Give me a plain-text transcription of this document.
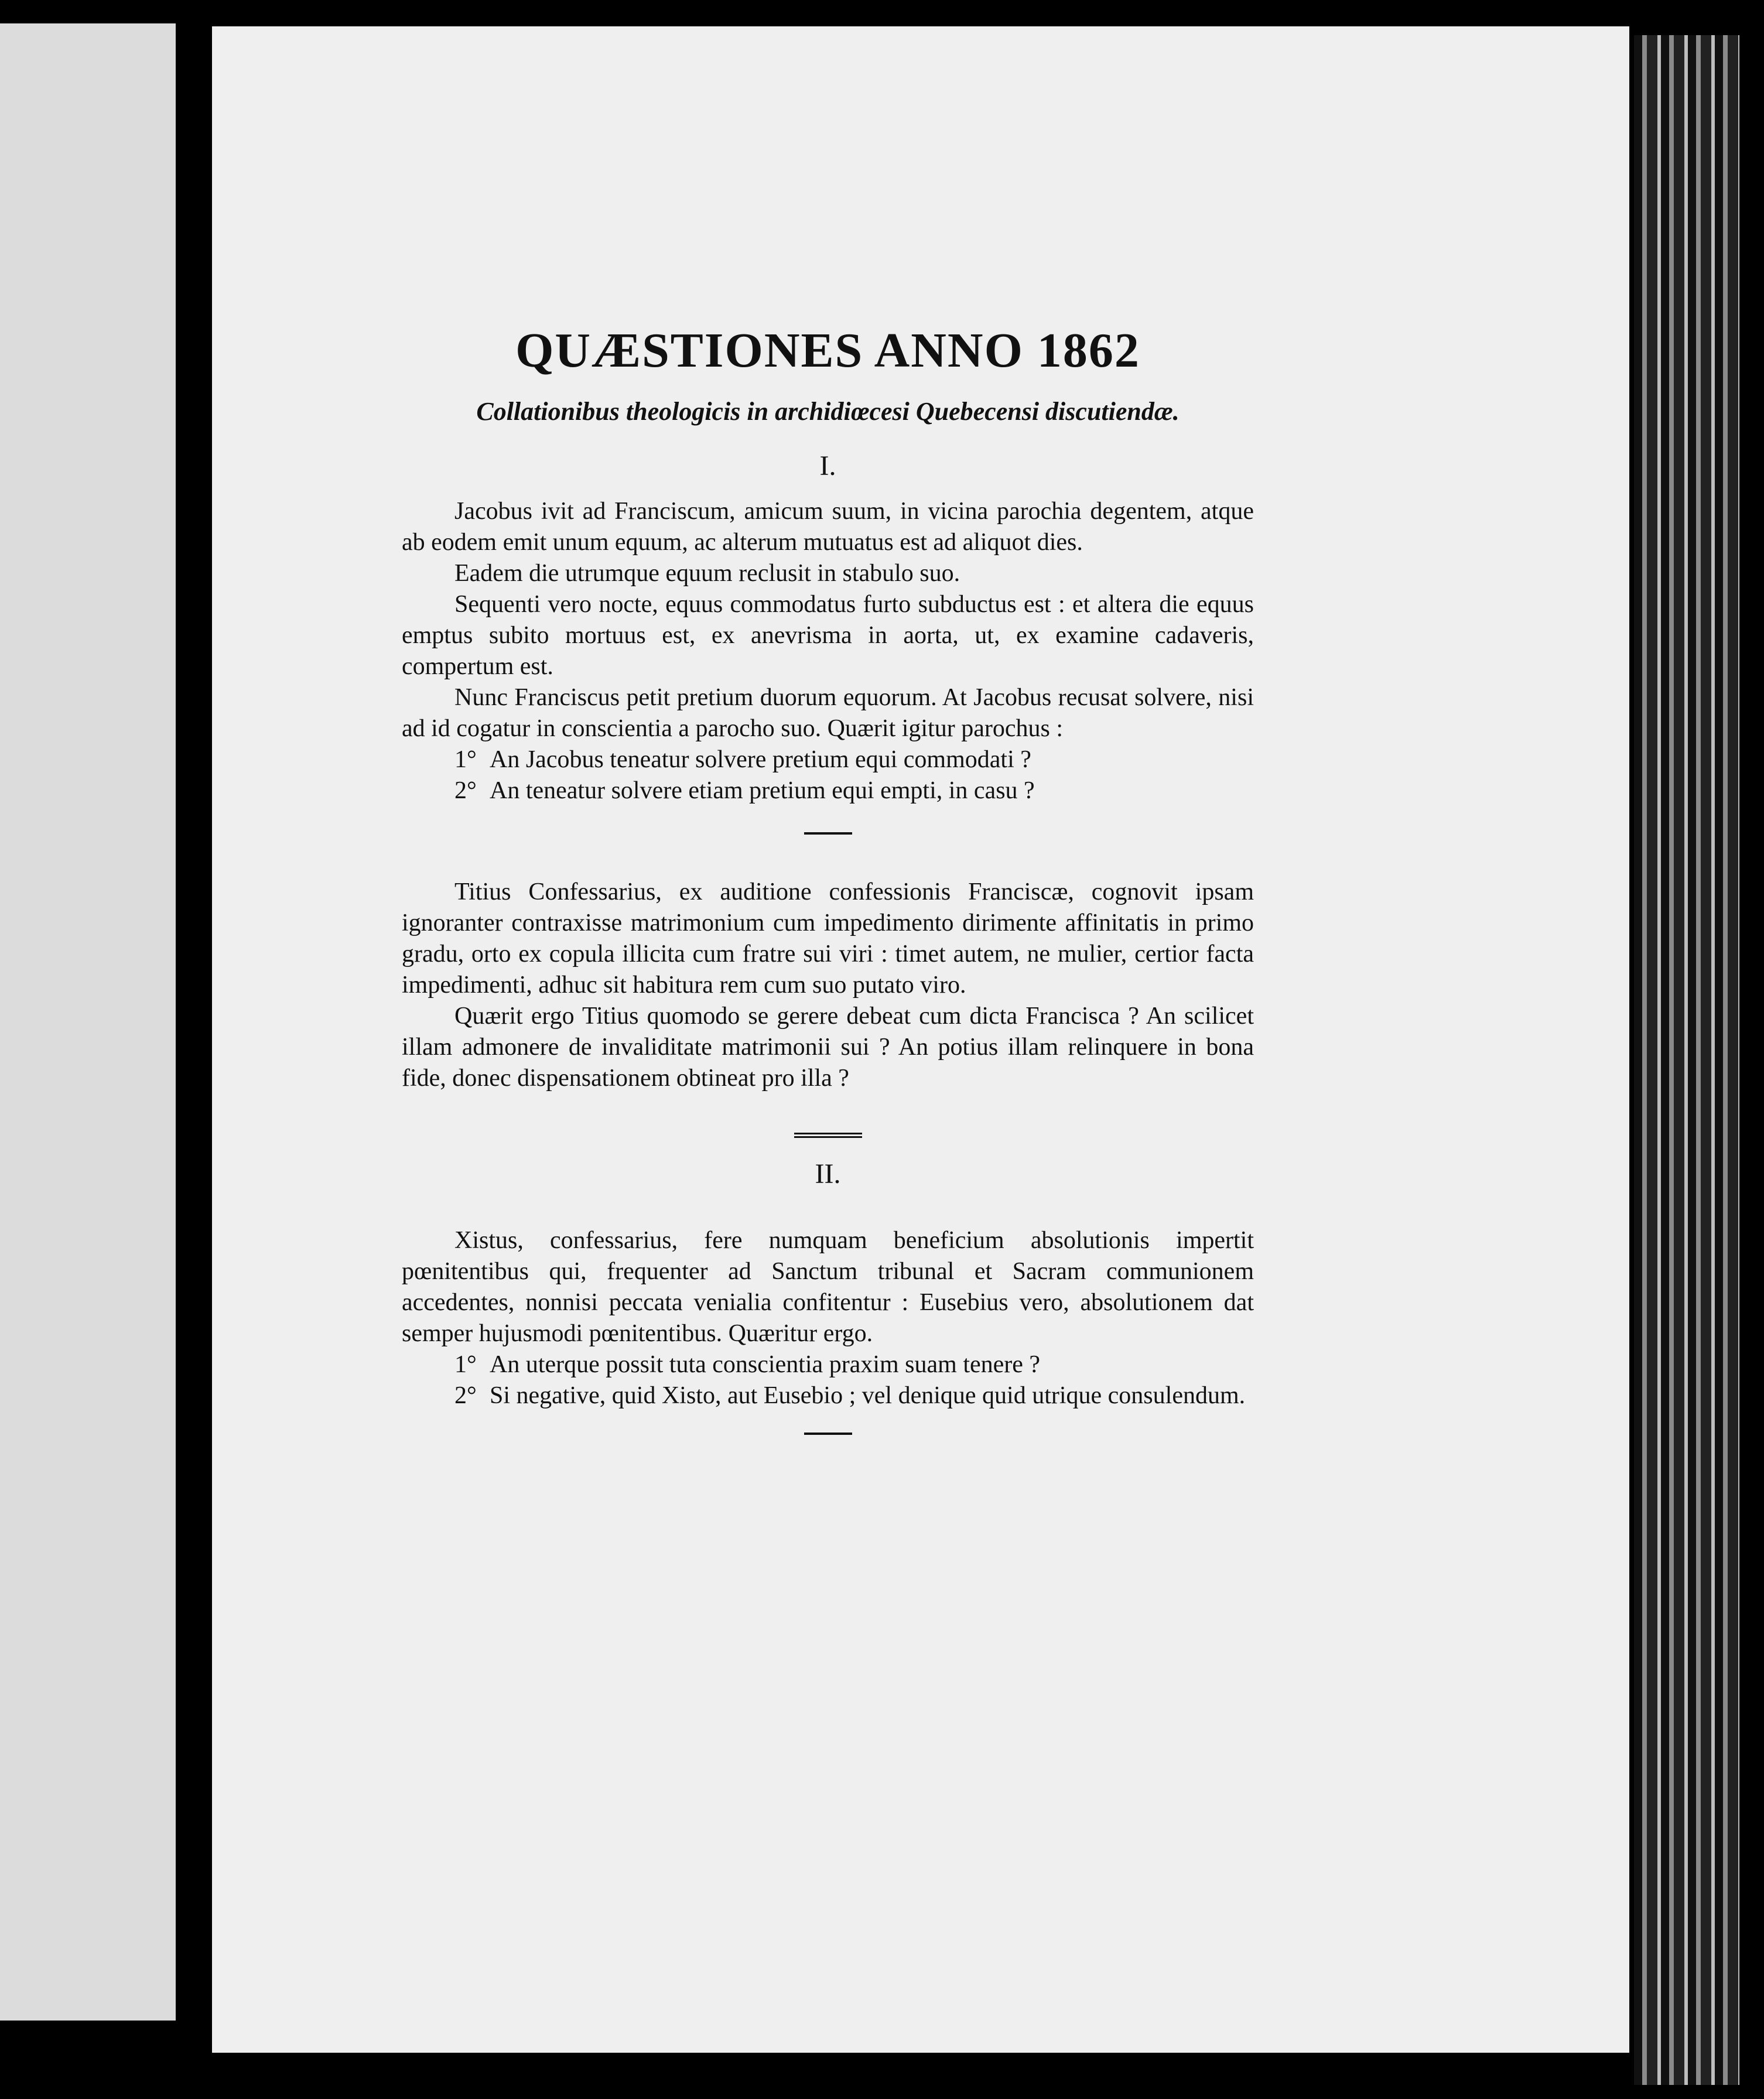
QUÆSTIONES ANNO 1862
Collationibus theologicis in archidiœcesi Quebecensi discutiendæ.
I.

Jacobus ivit ad Franciscum, amicum suum, in vicina parochia degentem, atque ab eodem emit unum equum, ac alterum mutuatus est ad aliquot dies.

Eadem die utrumque equum reclusit in stabulo suo.

Sequenti vero nocte, equus commodatus furto subductus est : et altera die equus emptus subito mortuus est, ex anevrisma in aorta, ut, ex examine cadaveris, compertum est.

Nunc Franciscus petit pretium duorum equorum. At Jacobus recusat solvere, nisi ad id cogatur in conscientia a parocho suo. Quærit igitur parochus :

1° An Jacobus teneatur solvere pretium equi commodati ?

2° An teneatur solvere etiam pretium equi empti, in casu ?

Titius Confessarius, ex auditione confessionis Franciscæ, cognovit ipsam ignoranter contraxisse matrimonium cum impedimento dirimente affinitatis in primo gradu, orto ex copula illicita cum fratre sui viri : timet autem, ne mulier, certior facta impedimenti, adhuc sit habitura rem cum suo putato viro.

Quærit ergo Titius quomodo se gerere debeat cum dicta Francisca ? An scilicet illam admonere de invaliditate matrimonii sui ? An potius illam relinquere in bona fide, donec dispensationem obtineat pro illa ?

II.

Xistus, confessarius, fere numquam beneficium absolutionis impertit pœnitentibus qui, frequenter ad Sanctum tribunal et Sacram communionem accedentes, nonnisi peccata venialia confitentur : Eusebius vero, absolutionem dat semper hujusmodi pœnitentibus. Quæritur ergo.

1° An uterque possit tuta conscientia praxim suam tenere ?

2° Si negative, quid Xisto, aut Eusebio ; vel denique quid utrique consulendum.
